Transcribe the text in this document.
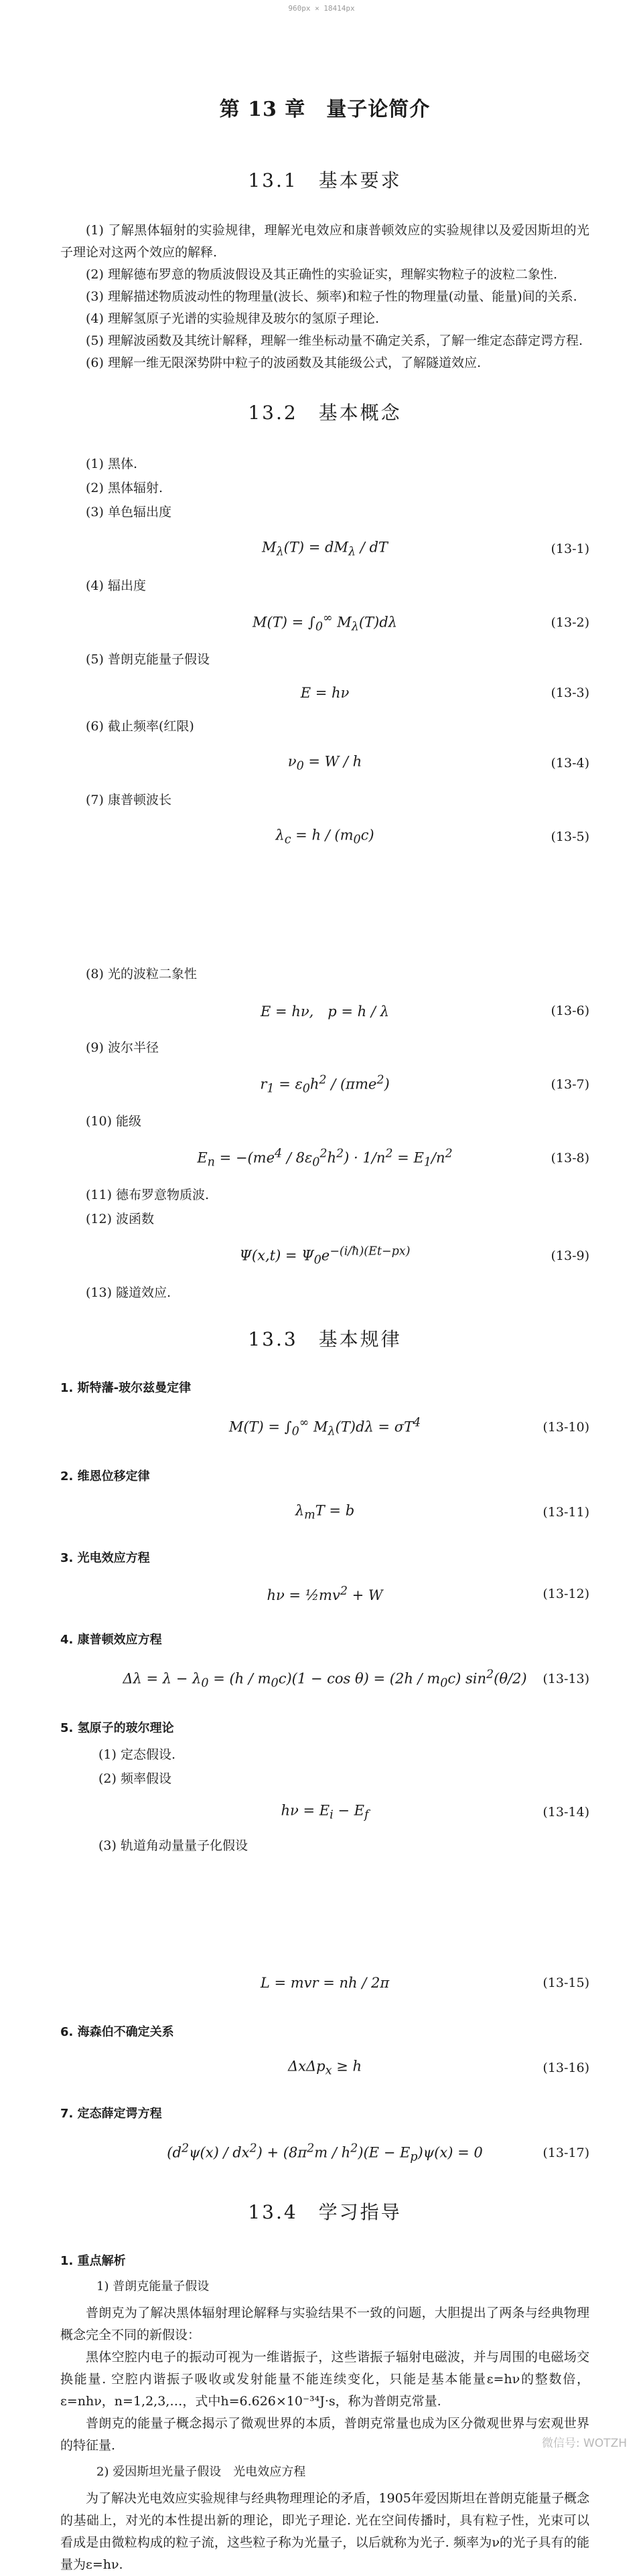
960px × 18414px
第 13 章　量子论简介
13.1　基本要求

(1) 了解黑体辐射的实验规律，理解光电效应和康普顿效应的实验规律以及爱因斯坦的光子理论对这两个效应的解释.

(2) 理解德布罗意的物质波假设及其正确性的实验证实，理解实物粒子的波粒二象性.

(3) 理解描述物质波动性的物理量(波长、频率)和粒子性的物理量(动量、能量)间的关系.

(4) 理解氢原子光谱的实验规律及玻尔的氢原子理论.

(5) 理解波函数及其统计解释，理解一维坐标动量不确定关系，了解一维定态薛定谔方程.

(6) 理解一维无限深势阱中粒子的波函数及其能级公式，了解隧道效应.

13.2　基本概念

(1) 黑体.

(2) 黑体辐射.

(3) 单色辐出度

$M_\lambda(T) = dM_\lambda$ / dT	(13-1)

(4) 辐出度

$M(T) = \int_0^\infty$ $M_\lambda(T)d\lambda$	(13-2)

(5) 普朗克能量子假设

E = hν	(13-3)

(6) 截止频率(红限)

$\nu_0 = W / h$	(13-4)

(7) 康普顿波长

$\lambda_c = h / (m_0c)$	(13-5)

(8) 光的波粒二象性

E = hν,　p = h / λ	(13-6)

(9) 波尔半径

$r_1 = \varepsilon_0h^2 / (\pi me^2)$	(13-7)

(10) 能级

$E_n = -(me^4 / 8\varepsilon_0^2h^2) \cdot 1/n^2 = E_1/n^2$	(13-8)

(11) 德布罗意物质波.

(12) 波函数

$\Psi(x,t) = \Psi_0e^{-(i/ħ)(Et-px)}$	(13-9)

(13) 隧道效应.

13.3　基本规律
1. 斯特藩-玻尔兹曼定律
$M(T) = \int_0^\infty$ $M_\lambda(T)d\lambda = \sigma T^4$	(13-10)
2. 维恩位移定律
$\lambda_mT = b$	(13-11)
3. 光电效应方程
$h\nu = \frac{1}{2}mv^2 + W$	(13-12)
4. 康普顿效应方程
$\Delta\lambda = \lambda - \lambda_0 = (h / m_0c)(1 - \cos \theta) = (2h / m_0c)$ $\sin^2(\theta/2)$	(13-13)
5. 氢原子的玻尔理论

(1) 定态假设.

(2) 频率假设

$h\nu = E_i - E_f$	(13-14)

(3) 轨道角动量量子化假设

L = mvr = nh / 2π	(13-15)
6. 海森伯不确定关系
ΔxΔp$_x$ ≥ h	(13-16)
7. 定态薛定谔方程
$(d^2\psi(x) / dx^2) + (8\pi^2m / h^2)(E - E_p)\psi(x) = 0$	(13-17)
13.4　学习指导
1. 重点解析
1) 普朗克能量子假设

普朗克为了解决黑体辐射理论解释与实验结果不一致的问题，大胆提出了两条与经典物理概念完全不同的新假设：

黑体空腔内电子的振动可视为一维谐振子，这些谐振子辐射电磁波，并与周围的电磁场交换能量. 空腔内谐振子吸收或发射能量不能连续变化，只能是基本能量ε=hν的整数倍，ε=nhν，n=1,2,3,…，式中h=6.626×10⁻³⁴J·s，称为普朗克常量.

普朗克的能量子概念揭示了微观世界的本质，普朗克常量也成为区分微观世界与宏观世界的特征量.

2) 爱因斯坦光量子假设　光电效应方程

为了解决光电效应实验规律与经典物理理论的矛盾，1905年爱因斯坦在普朗克能量子概念的基础上，对光的本性提出新的理论，即光子理论. 光在空间传播时，具有粒子性，光束可以看成是由微粒构成的粒子流，这些粒子称为光量子，以后就称为光子. 频率为ν的光子具有的能量为ε=hν.

微信号: WOTZH
